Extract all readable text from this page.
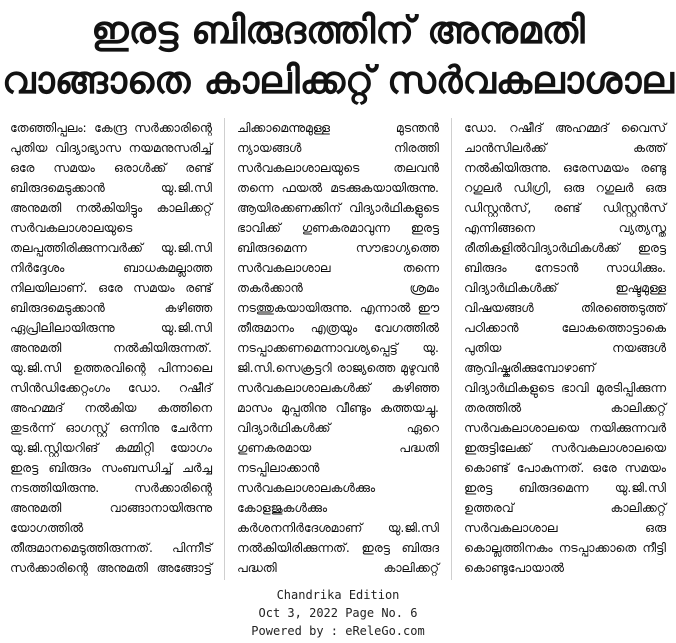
ഇരട്ട ബിരുദത്തിന് അനുമതി
വാങ്ങാതെ കാലിക്കറ്റ് സർവകലാശാല
തേഞ്ഞിപ്പലം: കേന്ദ്ര സർക്കാരിന്റെ പുതിയ വിദ്യാഭ്യാസ നയമനുസരിച്ച് ഒരേ സമയം ഒരാൾക്ക് രണ്ട് ബിരുദമെടുക്കാൻ യു.ജി.സി അനുമതി നൽകിയിട്ടും കാലിക്കറ്റ് സർവകലാശാലയുടെ തലപ്പത്തിരിക്കുന്നവർക്ക് യു.ജി.സി നിർദ്ദേശം ബാധകമല്ലാത്ത നിലയിലാണ്. ഒരേ സമയം രണ്ട് ബിരുദമെടുക്കാൻ കഴിഞ്ഞ ഏപ്രിലിലായിരുന്നു യു.ജി.സി അനുമതി നൽകിയിരുന്നത്. യു.ജി.സി ഉത്തരവിന്റെ പിന്നാലെ സിൻഡിക്കേറ്റംഗം ഡോ. റഷീദ് അഹമ്മദ് നൽകിയ കത്തിനെ തുടർന്ന് ഓഗസ്റ്റ് ഒന്നിനു ചേർന്ന യു.ജി.സ്റ്റിയറിങ് കമ്മിറ്റി യോഗം ഇരട്ട ബിരുദം സംബന്ധിച്ച് ചർച്ച നടത്തിയിരുന്നു. സർക്കാരിന്റെ അനുമതി വാങ്ങാനായിരുന്നു യോഗത്തിൽ തീരുമാനമെടുത്തിരുന്നത്. പിന്നീട് സർക്കാരിന്റെ അനുമതി അങ്ങോട്ട്
ചിക്കാമെന്നുമുള്ള മുടന്തൻ ന്യായങ്ങൾ നിരത്തി സർവകലാശാലയുടെ തലവൻ തന്നെ ഫയൽ മടക്കുകയായിരുന്നു. ആയിരക്കണക്കിന് വിദ്യാർഥികളുടെ ഭാവിക്ക് ഗുണകരമാവുന്ന ഇരട്ട ബിരുദമെന്ന സൗഭാഗ്യത്തെ സർവകലാശാല തന്നെ തകർക്കാൻ ശ്രമം നടത്തുകയായിരുന്നു. എന്നാൽ ഈ തീരുമാനം എത്രയും വേഗത്തിൽ നടപ്പാക്കണമെന്നാവശ്യപ്പെട്ട് യു. ജി.സി.സെക്രട്ടറി രാജ്യത്തെ മുഴുവൻ സർവകലാശാലകൾക്ക് കഴിഞ്ഞ മാസം മുപ്പതിനു വീണ്ടും കത്തയച്ചു. വിദ്യാർഥികൾക്ക് ഏറെ ഗുണകരമായ പദ്ധതി നടപ്പിലാക്കാൻ സർവകലാശാലകൾക്കും കോളജുകൾക്കും കർശനനിർദേശമാണ് യു.ജി.സി നൽകിയിരിക്കുന്നത്. ഇരട്ട ബിരുദ പദ്ധതി കാലിക്കറ്റ്
ഡോ. റഷീദ് അഹമ്മദ് വൈസ് ചാൻസിലർക്ക് കത്ത് നൽകിയിരുന്നു. ഒരേസമയം രണ്ടു റഗുലർ ഡിഗ്രി, ഒരു റഗുലർ ഒരു ഡിസ്റ്റൻസ്, രണ്ട് ഡിസ്റ്റൻസ് എന്നിങ്ങനെ വ്യത്യസ്ത രീതികളിൽവിദ്യാർഥികൾക്ക് ഇരട്ട ബിരുദം നേടാൻ സാധിക്കും. വിദ്യാർഥികൾക്ക് ഇഷ്ടമുള്ള വിഷയങ്ങൾ തിരഞ്ഞെടുത്ത് പഠിക്കാൻ ലോകത്തൊട്ടാകെ പുതിയ നയങ്ങൾ ആവിഷ്കരിക്കുമ്പോഴാണ് വിദ്യാർഥികളുടെ ഭാവി മുരടിപ്പിക്കുന്ന തരത്തിൽ കാലിക്കറ്റ് സർവകലാശാലയെ നയിക്കുന്നവർ ഇരുട്ടിലേക്ക് സർവകലാശാലയെ കൊണ്ട് പോകുന്നത്. ഒരേ സമയം ഇരട്ട ബിരുദമെന്ന യു.ജി.സി ഉത്തരവ് കാലിക്കറ്റ് സർവകലാശാല ഒരു കൊല്ലത്തിനകം നടപ്പാക്കാതെ നീട്ടി കൊണ്ടുപോയാൽ
Chandrika Edition
Oct 3, 2022 Page No. 6
Powered by : eReleGo.com
